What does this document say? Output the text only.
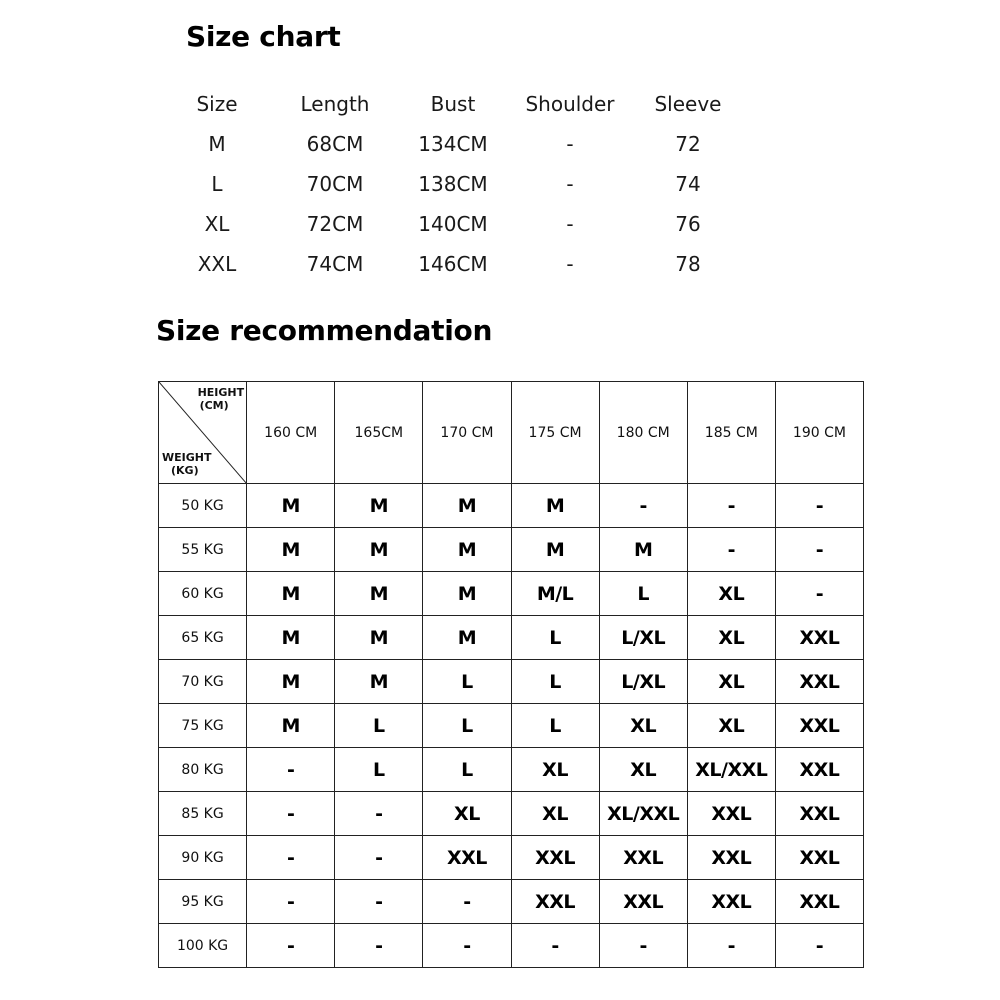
Size chart
Size	Length	Bust	Shoulder	Sleeve
M	68CM	134CM	-	72
L	70CM	138CM	-	74
XL	72CM	140CM	-	76
XXL	74CM	146CM	-	78
Size recommendation
HEIGHT
(CM)
WEIGHT
(KG)	160 CM	165CM	170 CM	175 CM	180 CM	185 CM	190 CM
50 KG	M	M	M	M	-	-	-
55 KG	M	M	M	M	M	-	-
60 KG	M	M	M	M/L	L	XL	-
65 KG	M	M	M	L	L/XL	XL	XXL
70 KG	M	M	L	L	L/XL	XL	XXL
75 KG	M	L	L	L	XL	XL	XXL
80 KG	-	L	L	XL	XL	XL/XXL	XXL
85 KG	-	-	XL	XL	XL/XXL	XXL	XXL
90 KG	-	-	XXL	XXL	XXL	XXL	XXL
95 KG	-	-	-	XXL	XXL	XXL	XXL
100 KG	-	-	-	-	-	-	-
